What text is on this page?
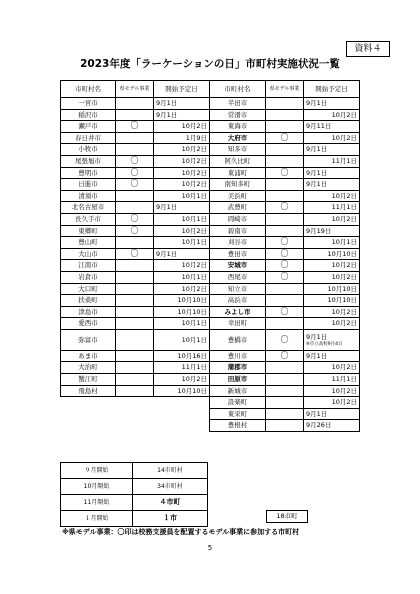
資料４
2023年度「ラーケーションの日」市町村実施状況一覧
市町村名	県モデル事業	開始予定日	市町村名	県モデル事業	開始予定日
一宮市		9月1日	半田市		9月1日
稲沢市		9月1日	常滑市		10月2日
瀬戸市	〇	10月2日	東海市		9月11日
春日井市		1月9日	大府市	〇	10月2日
小牧市		10月2日	知多市		9月1日
尾張旭市	〇	10月2日	阿久比町		11月1日
豊明市	〇	10月2日	東浦町	〇	9月1日
日進市	〇	10月2日	南知多町		9月1日
清須市		10月1日	美浜町		10月2日
北名古屋市		9月1日	武豊町	〇	11月1日
長久手市	〇	10月1日	岡崎市		10月2日
東郷町	〇	10月2日	碧南市		9月19日
豊山町		10月1日	刈谷市	〇	10月1日
大山市	〇	9月1日	豊田市	〇	10月10日
江南市		10月2日	安城市	〇	10月2日
岩倉市		10月1日	西尾市	〇	10月2日
大口町		10月2日	知立市		10月10日
扶桑町		10月10日	高浜市		10月10日
津島市		10月10日	みよし市	〇	10月2日
愛西市		10月1日	幸田町		10月2日
弥富市		10月1日	豊橋市	〇	9月1日
※市立高校9月4日

あま市		10月16日	豊川市	〇	9月1日
大治町		11月1日	蒲郡市		10月2日
蟹江町		10月2日	田原市		11月1日
飛島村		10月10日	新城市		10月2日
			設楽町		10月2日
			東栄町		9月1日
			豊根村		9月26日
９月開始	14市町村
10月開始	34市町村
11月開始	４市町
１月開始	１市	18市町
※県モデル事業：〇印は校務支援員を配置するモデル事業に参加する市町村
5
